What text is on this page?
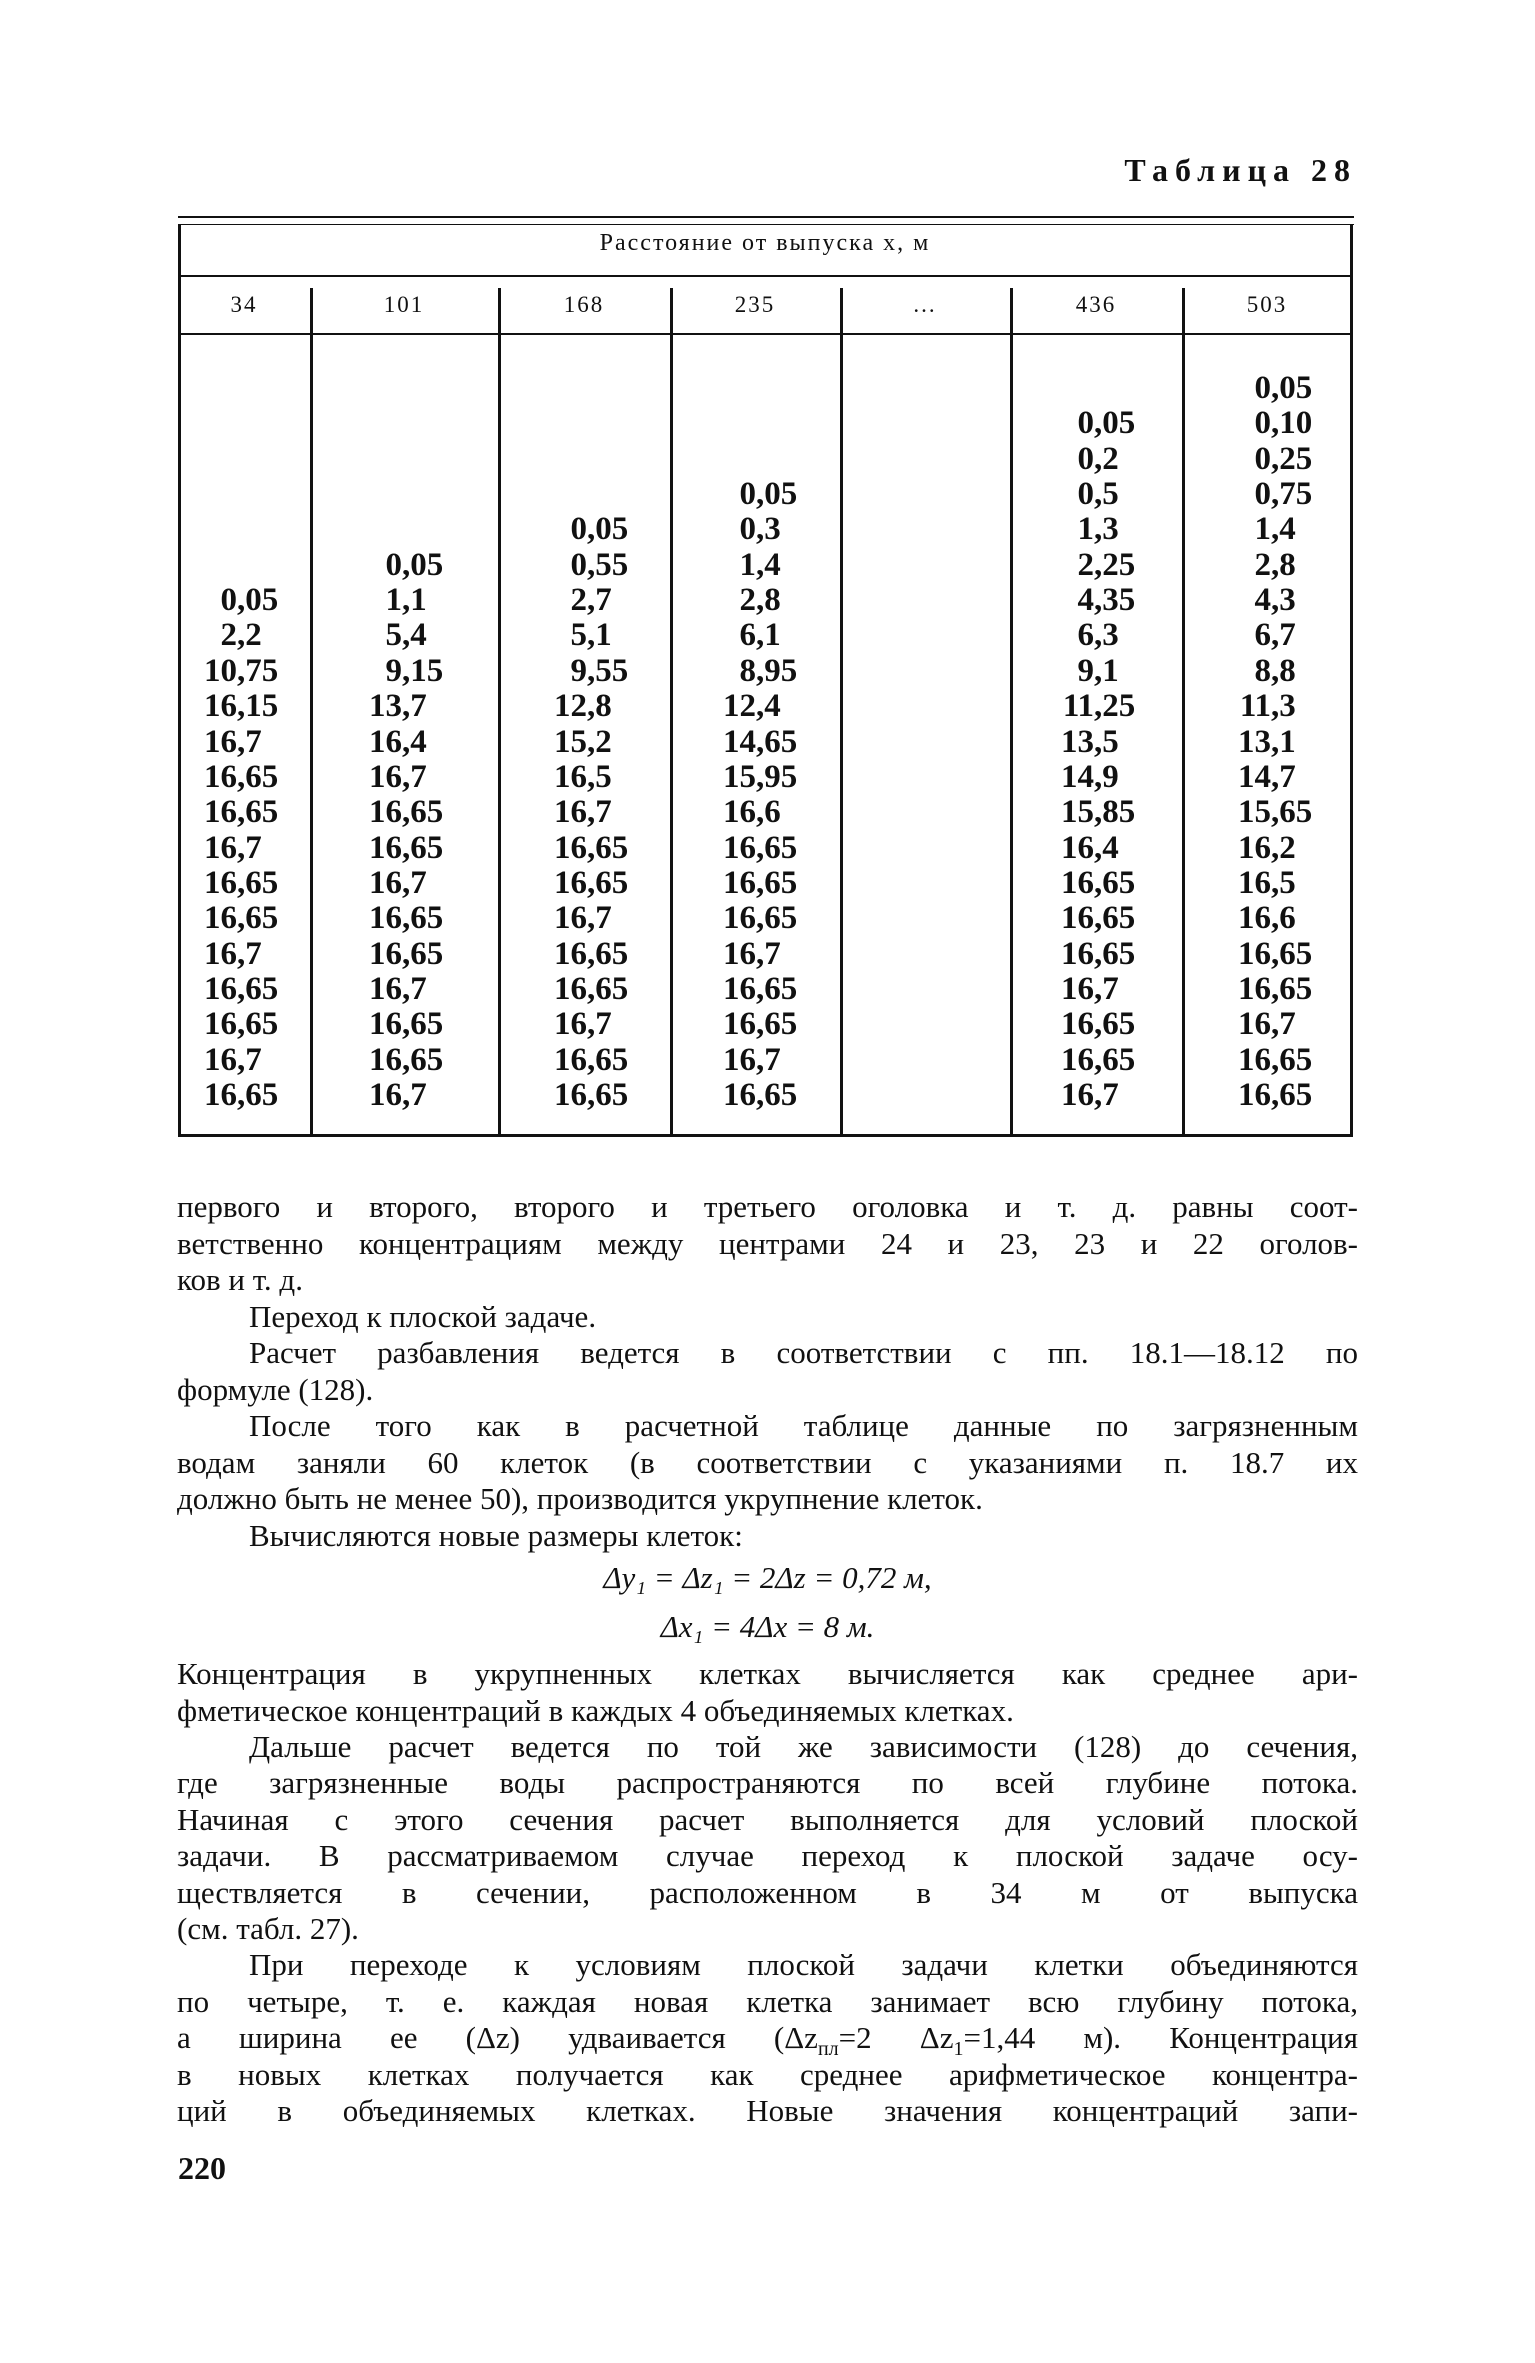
Таблица 28
Расстояние от выпуска x, м
34
0,05
2,2
10,75
16,15
16,7
16,65
16,65
16,7
16,65
16,65
16,7
16,65
16,65
16,7
16,65
101
0,05
1,1
5,4
9,15
13,7
16,4
16,7
16,65
16,65
16,7
16,65
16,65
16,7
16,65
16,65
16,7
168
0,05
0,55
2,7
5,1
9,55
12,8
15,2
16,5
16,7
16,65
16,65
16,7
16,65
16,65
16,7
16,65
16,65
235
0,05
0,3
1,4
2,8
6,1
8,95
12,4
14,65
15,95
16,6
16,65
16,65
16,65
16,7
16,65
16,65
16,7
16,65
...	436
0,05
0,2
0,5
1,3
2,25
4,35
6,3
9,1
11,25
13,5
14,9
15,85
16,4
16,65
16,65
16,65
16,7
16,65
16,65
16,7
503
0,05
0,10
0,25
0,75
1,4
2,8
4,3
6,7
8,8
11,3
13,1
14,7
15,65
16,2
16,5
16,6
16,65
16,65
16,7
16,65
16,65
первого и второго, второго и третьего оголовка и т. д. равны соот-
ветственно концентрациям между центрами 24 и 23, 23 и 22 оголов-
ков и т. д.
Переход к плоской задаче.
Расчет разбавления ведется в соответствии с пп. 18.1—18.12 по
формуле (128).
После того как в расчетной таблице данные по загрязненным
водам заняли 60 клеток (в соответствии с указаниями п. 18.7 их
должно быть не менее 50), производится укрупнение клеток.
Вычисляются новые размеры клеток:
Δy₁ = Δz₁ = 2Δz = 0,72 м,
Δx₁ = 4Δx = 8 м.
Концентрация в укрупненных клетках вычисляется как среднее ари-
фметическое концентраций в каждых 4 объединяемых клетках.
Дальше расчет ведется по той же зависимости (128) до сечения,
где загрязненные воды распространяются по всей глубине потока.
Начиная с этого сечения расчет выполняется для условий плоской
задачи. В рассматриваемом случае переход к плоской задаче осу-
ществляется в сечении, расположенном в 34 м от выпуска
(см. табл. 27).
При переходе к условиям плоской задачи клетки объединяются
по четыре, т. е. каждая новая клетка занимает всю глубину потока,
а ширина ее (Δz) удваивается ($\Delta z_{пл}=2$ $\Delta z_1=1,44$ м). Концентрация
в новых клетках получается как среднее арифметическое концентра-
ций в объединяемых клетках. Новые значения концентраций запи-
220
